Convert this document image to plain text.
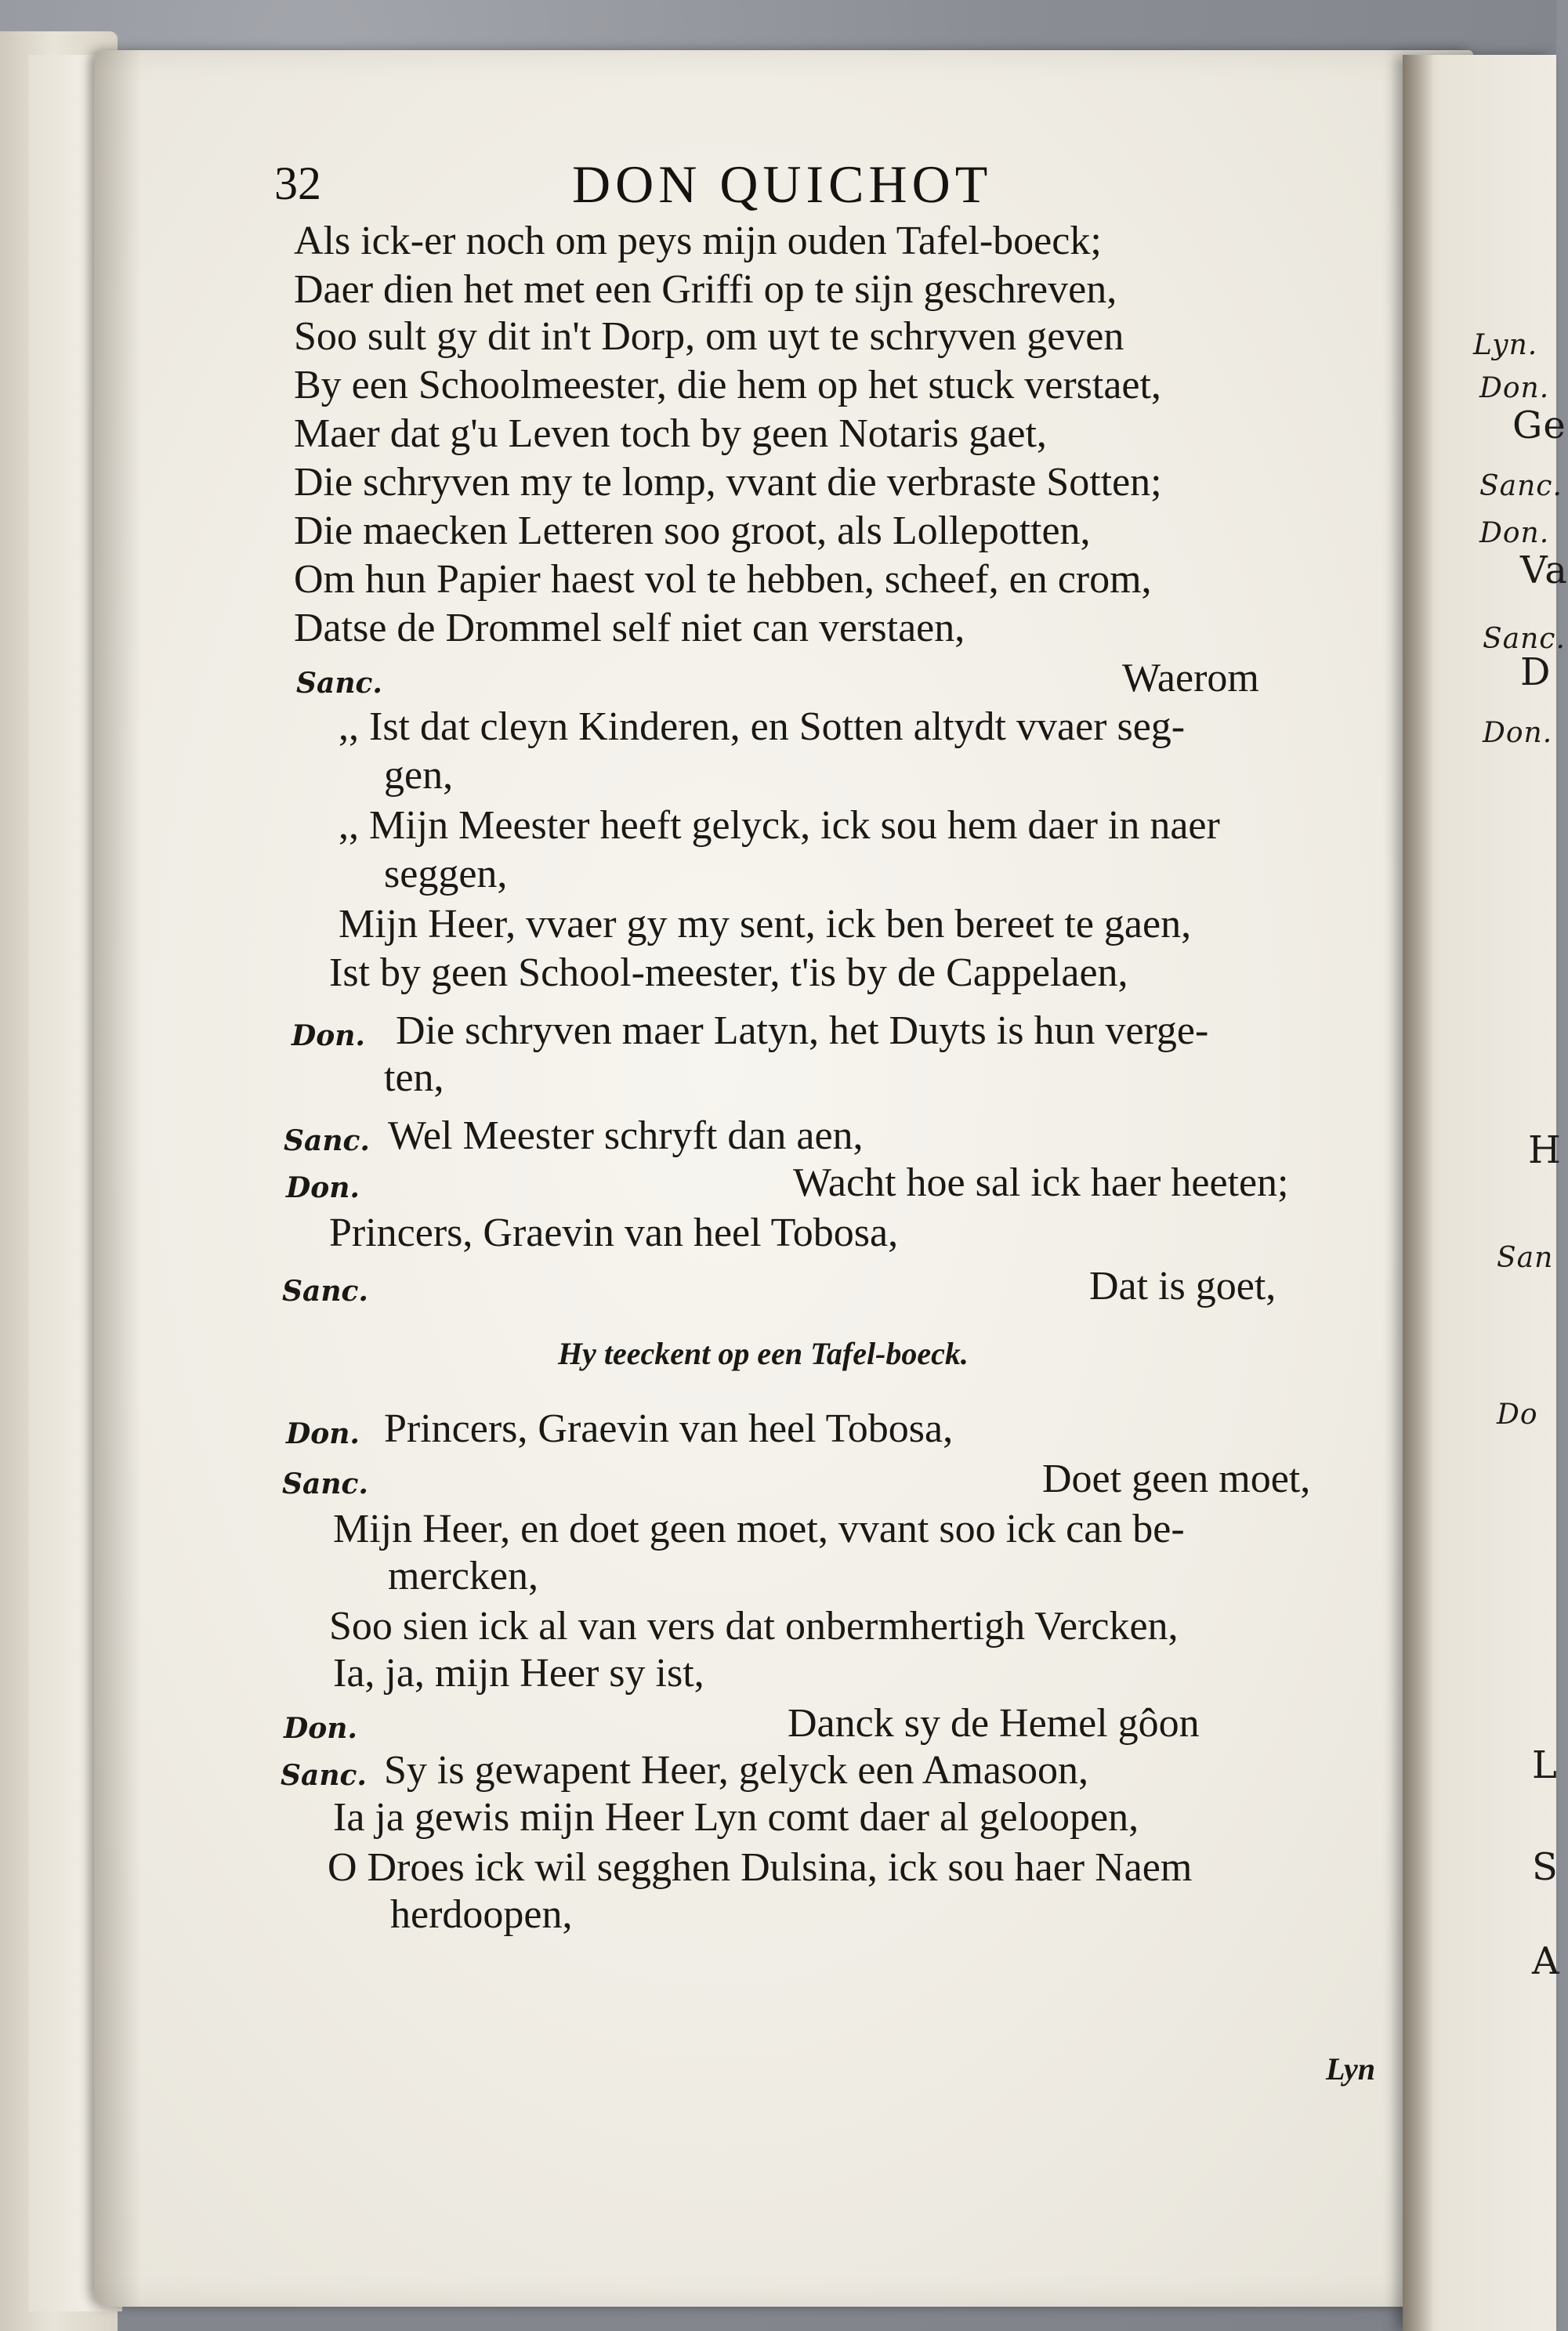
Lyn.
Don.
Ge
Sanc.
Don.
Va
Sanc.
D
Don.
H
San
Do
L
S
A

32	DON QUICHOT
Als ick-er noch om peys mijn ouden Tafel-boeck;
Daer dien het met een Griffi op te sijn geschreven,
Soo sult gy dit in't Dorp, om uyt te schryven geven
By een Schoolmeester, die hem op het stuck verstaet,
Maer dat g'u Leven toch by geen Notaris gaet,
Die schryven my te lomp, vvant die verbraste Sotten;
Die maecken Letteren soo groot, als Lollepotten,
Om hun Papier haest vol te hebben, scheef, en crom,
Datse de Drommel self niet can verstaen,
Sanc.	Waerom
,, Ist dat cleyn Kinderen, en Sotten altydt vvaer seg-
gen,
,, Mijn Meester heeft gelyck, ick sou hem daer in naer
seggen,
Mijn Heer, vvaer gy my sent, ick ben bereet te gaen,
Ist by geen School-meester, t'is by de Cappelaen,
Don. Die schryven maer Latyn, het Duyts is hun verge-
ten,
Sanc. Wel Meester schryft dan aen,
Don.	Wacht hoe sal ick haer heeten;
Princers, Graevin van heel Tobosa,
Sanc.	Dat is goet,
Hy teeckent op een Tafel-boeck.
Don. Princers, Graevin van heel Tobosa,
Sanc.	Doet geen moet,
Mijn Heer, en doet geen moet, vvant soo ick can be-
mercken,
Soo sien ick al van vers dat onbermhertigh Vercken,
Ia, ja, mijn Heer sy ist,
Don.	Danck sy de Hemel gôon
Sanc. Sy is gewapent Heer, gelyck een Amasoon,
Ia ja gewis mijn Heer Lyn comt daer al geloopen,
O Droes ick wil segghen Dulsina, ick sou haer Naem
herdoopen,
Lyn
